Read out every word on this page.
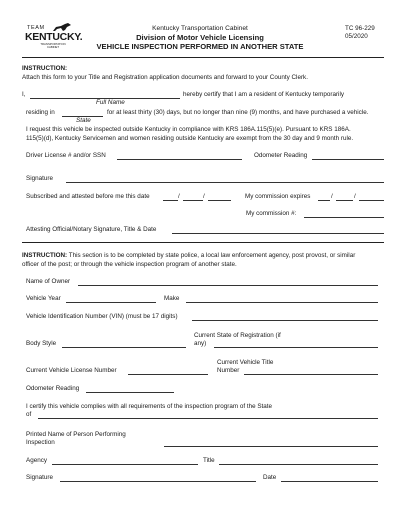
TEAM
KENTUCKY.
TRANSPORTATION
CABINET
Kentucky Transportation Cabinet
Division of Motor Vehicle Licensing
VEHICLE INSPECTION PERFORMED IN ANOTHER STATE
TC 96-229
05/2020
INSTRUCTION:
Attach this form to your Title and Registration application documents and forward to your County Clerk.
I,	hereby certify that I am a resident of Kentucky temporarily
Full Name
residing in	for at least thirty (30) days, but no longer than nine (9) months, and have purchased a vehicle.
State
I request this vehicle be inspected outside Kentucky in compliance with KRS 186A.115(5)(e). Pursuant to KRS 186A.
115(5)(d), Kentucky Servicemen and women residing outside Kentucky are exempt from the 30 day and 9 month rule.
Driver License # and/or SSN	Odometer Reading
Signature
Subscribed and attested before me this date	/	/	My commission expires	/	/
My commission #:
Attesting Official/Notary Signature, Title & Date
INSTRUCTION: This section is to be completed by state police, a local law enforcement agency, post provost, or similar
officer of the post; or through the vehicle inspection program of another state.
Name of Owner
Vehicle Year	Make
Vehicle Identification Number (VIN) (must be 17 digits)
Body Style
Current State of Registration (if
any)
Current Vehicle License Number
Current Vehicle Title
Number
Odometer Reading
I certify this vehicle complies with all requirements of the inspection program of the State
of
Printed Name of Person Performing
Inspection
Agency	Title
Signature	Date
